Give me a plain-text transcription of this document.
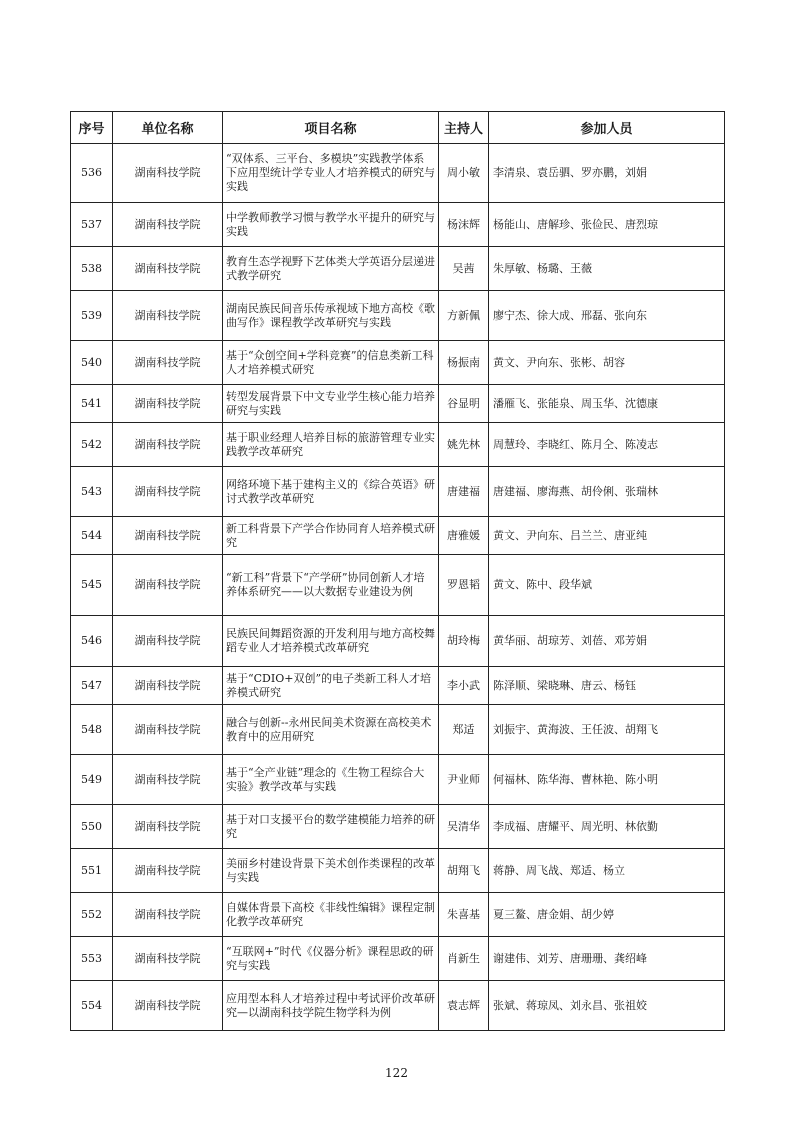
序号	单位名称	项目名称	主持人	参加人员
536	湖南科技学院	“双体系、三平台、多模块”实践教学体系下应用型统计学专业人才培养模式的研究与实践	周小敏	李清泉、袁岳驷、罗亦鹏，刘娟
537	湖南科技学院	中学教师教学习惯与教学水平提升的研究与实践	杨沫辉	杨能山、唐解珍、张俭民、唐烈琼
538	湖南科技学院	教育生态学视野下艺体类大学英语分层递进式教学研究	吴茜	朱厚敏、杨璐、王薇
539	湖南科技学院	湖南民族民间音乐传承视域下地方高校《歌曲写作》课程教学改革研究与实践	方新佩	廖宁杰、徐大成、邢磊、张向东
540	湖南科技学院	基于“众创空间+学科竞赛”的信息类新工科人才培养模式研究	杨振南	黄文、尹向东、张彬、胡容
541	湖南科技学院	转型发展背景下中文专业学生核心能力培养研究与实践	谷显明	潘雁飞、张能泉、周玉华、沈德康
542	湖南科技学院	基于职业经理人培养目标的旅游管理专业实践教学改革研究	姚先林	周慧玲、李晓红、陈月仝、陈凌志
543	湖南科技学院	网络环境下基于建构主义的《综合英语》研讨式教学改革研究	唐建福	唐建福、廖海燕、胡伶俐、张瑞林
544	湖南科技学院	新工科背景下产学合作协同育人培养模式研究	唐雅媛	黄文、尹向东、吕兰兰、唐亚纯
545	湖南科技学院	“新工科”背景下“产学研”协同创新人才培养体系研究——以大数据专业建设为例	罗恩韬	黄文、陈中、段华斌
546	湖南科技学院	民族民间舞蹈资源的开发利用与地方高校舞蹈专业人才培养模式改革研究	胡玲梅	黄华丽、胡琼芳、刘蓓、邓芳娟
547	湖南科技学院	基于“CDIO+双创”的电子类新工科人才培养模式研究	李小武	陈泽顺、梁晓琳、唐云、杨钰
548	湖南科技学院	融合与创新--永州民间美术资源在高校美术教育中的应用研究	郑适	刘振宇、黄海波、王任波、胡翔飞
549	湖南科技学院	基于“全产业链”理念的《生物工程综合大实验》教学改革与实践	尹业师	何福林、陈华海、曹林艳、陈小明
550	湖南科技学院	基于对口支援平台的数学建模能力培养的研究	吴清华	李成福、唐耀平、周光明、林依勤
551	湖南科技学院	美丽乡村建设背景下美术创作类课程的改革与实践	胡翔飞	蒋静、周飞战、郑适、杨立
552	湖南科技学院	自媒体背景下高校《非线性编辑》课程定制化教学改革研究	朱喜基	夏三鳌、唐金娟、胡少婷
553	湖南科技学院	“互联网+”时代《仪器分析》课程思政的研究与实践	肖新生	谢建伟、刘芳、唐珊珊、龚绍峰
554	湖南科技学院	应用型本科人才培养过程中考试评价改革研究—以湖南科技学院生物学科为例	袁志辉	张斌、蒋琼凤、刘永昌、张祖姣
122
